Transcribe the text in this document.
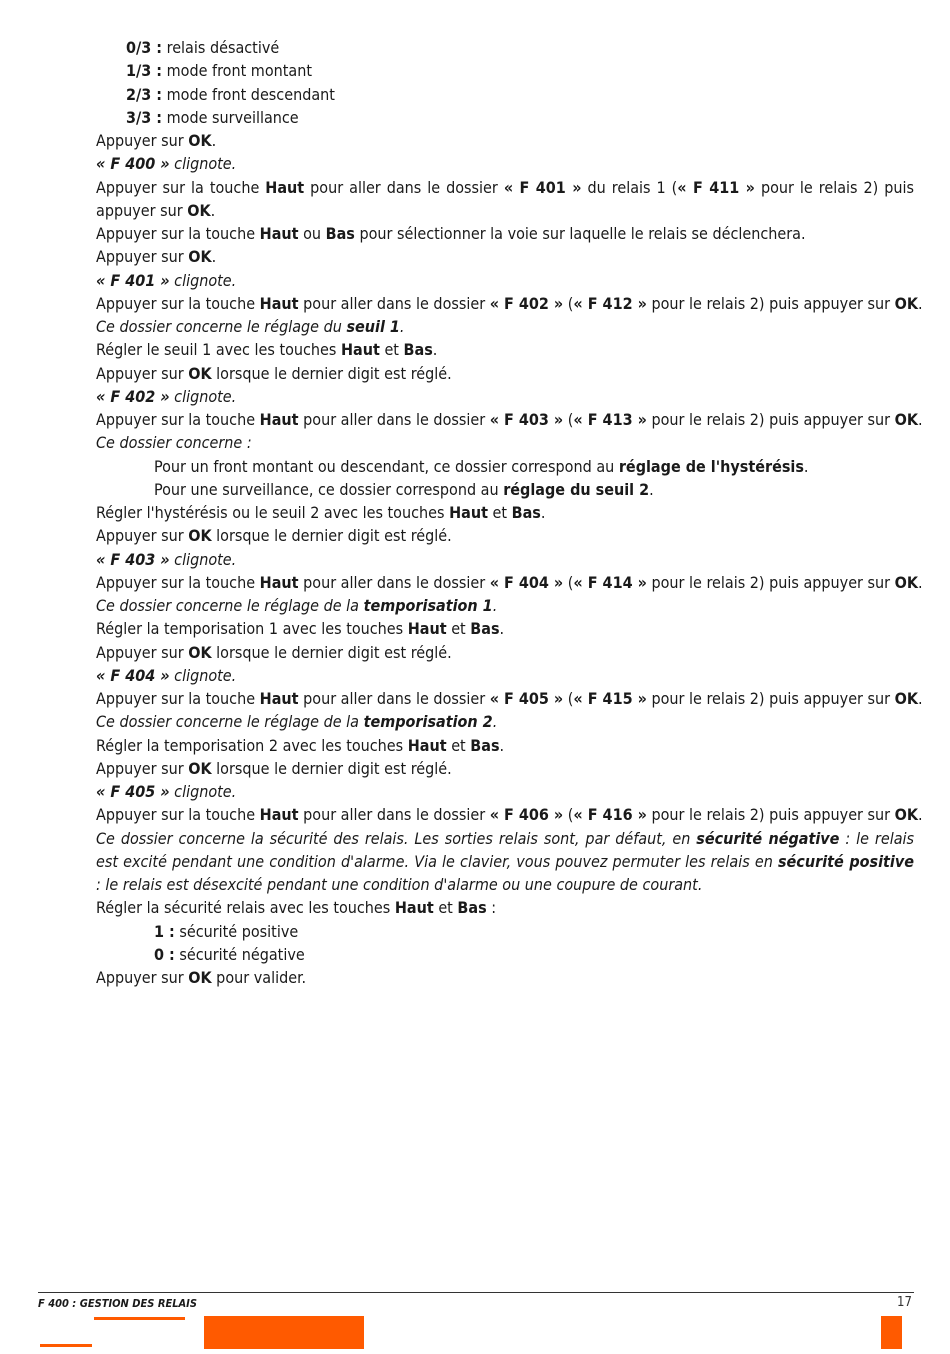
0/3 : relais désactivé
1/3 : mode front montant
2/3 : mode front descendant
3/3 : mode surveillance
Appuyer sur OK.
« F 400 » clignote.
Appuyer sur la touche Haut pour aller dans le dossier « F 401 » du relais 1 (« F 411 » pour le relais 2) puis appuyer sur OK.
Appuyer sur la touche Haut ou Bas pour sélectionner la voie sur laquelle le relais se déclenchera.
Appuyer sur OK.
« F 401 » clignote.
Appuyer sur la touche Haut pour aller dans le dossier « F 402 » (« F 412 » pour le relais 2) puis appuyer sur OK.
Ce dossier concerne le réglage du seuil 1.
Régler le seuil 1 avec les touches Haut et Bas.
Appuyer sur OK lorsque le dernier digit est réglé.
« F 402 » clignote.
Appuyer sur la touche Haut pour aller dans le dossier « F 403 » (« F 413 » pour le relais 2) puis appuyer sur OK.
Ce dossier concerne :
Pour un front montant ou descendant, ce dossier correspond au réglage de l'hystérésis.
Pour une surveillance, ce dossier correspond au réglage du seuil 2.
Régler l'hystérésis ou le seuil 2 avec les touches Haut et Bas.
Appuyer sur OK lorsque le dernier digit est réglé.
« F 403 » clignote.
Appuyer sur la touche Haut pour aller dans le dossier « F 404 » (« F 414 » pour le relais 2) puis appuyer sur OK.
Ce dossier concerne le réglage de la temporisation 1.
Régler la temporisation 1 avec les touches Haut et Bas.
Appuyer sur OK lorsque le dernier digit est réglé.
« F 404 » clignote.
Appuyer sur la touche Haut pour aller dans le dossier « F 405 » (« F 415 » pour le relais 2) puis appuyer sur OK.
Ce dossier concerne le réglage de la temporisation 2.
Régler la temporisation 2 avec les touches Haut et Bas.
Appuyer sur OK lorsque le dernier digit est réglé.
« F 405 » clignote.
Appuyer sur la touche Haut pour aller dans le dossier « F 406 » (« F 416 » pour le relais 2) puis appuyer sur OK.
Ce dossier concerne la sécurité des relais. Les sorties relais sont, par défaut, en sécurité négative : le relais est excité pendant une condition d'alarme. Via le clavier, vous pouvez permuter les relais en sécurité positive : le relais est désexcité pendant une condition d'alarme ou une coupure de courant.
Régler la sécurité relais avec les touches Haut et Bas :
1 : sécurité positive
0 : sécurité négative
Appuyer sur OK pour valider.
F 400 : GESTION DES RELAIS	17
